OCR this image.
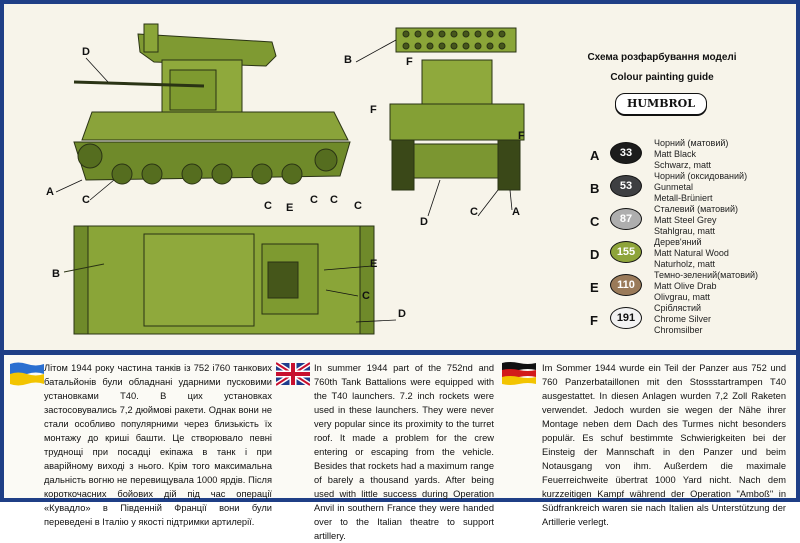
D
A
C
B	F
F
F
D
C	A
C E
C C C
B
E
C
D
Схема розфарбування моделі
Colour painting guide
HUMBROL
A	33
Чорний (матовий)
Matt Black
Schwarz, matt
B	53
Чорний (оксидований)
Gunmetal
Metall-Brüniert
C	87
Сталевий (матовий)
Matt Steel Grey
Stahlgrau, matt
D	155
Дерев'яний
Matt Natural Wood
Naturholz, matt
E	110
Темно-зелений(матовий)
Matt Olive Drab
Olivgrau, matt
F	191
Сріблястий
Chrome Silver
Chromsilber
Літом 1944 року частина танків із 752 і760 танкових батальйонів були обладнані ударними пусковими установками Т40. В цих установках застосовувались 7,2 дюймові ракети. Однак вони не стали особливо популярними через близькість їх монтажу до криші башти. Це створювало певні труднощі при посадці екіпажа в танк і при аварійному виході з нього. Крім того максимальна дальність вогню не перевищувала 1000 ярдів. Після короткочасних бойових дій під час операції «Кувадло» в Південній Франції вони були переведені в Італію у якості підтримки артилерії.
In summer 1944 part of the 752nd and 760th Tank Battalions were equipped with the T40 launchers. 7.2 inch rockets were used in these launchers. They were never very popular since its proximity to the turret roof. It made a problem for the crew entering or escaping from the vehicle. Besides that rockets had a maximum range of barely a thousand yards. After being used with little success during Operation Anvil in southern France they were handed over to the Italian theatre to support artillery.
Im Sommer 1944 wurde ein Teil der Panzer aus 752 und 760 Panzerbataillonen mit den Stossstartrampen T40 ausgestattet. In diesen Anlagen wurden 7,2 Zoll Raketen verwendet. Jedoch wurden sie wegen der Nähe ihrer Montage neben dem Dach des Turmes nicht besonders populär. Es schuf bestimmte Schwierigkeiten bei der Einsteig der Mannschaft in den Panzer und beim Notausgang von ihm. Außerdem die maximale Feuerreichweite übertrat 1000 Yard nicht. Nach dem kurzzeitigen Kampf während der Operation "Amboß" in Südfrankreich waren sie nach Italien als Unterstützung der Artillerie verlegt.
